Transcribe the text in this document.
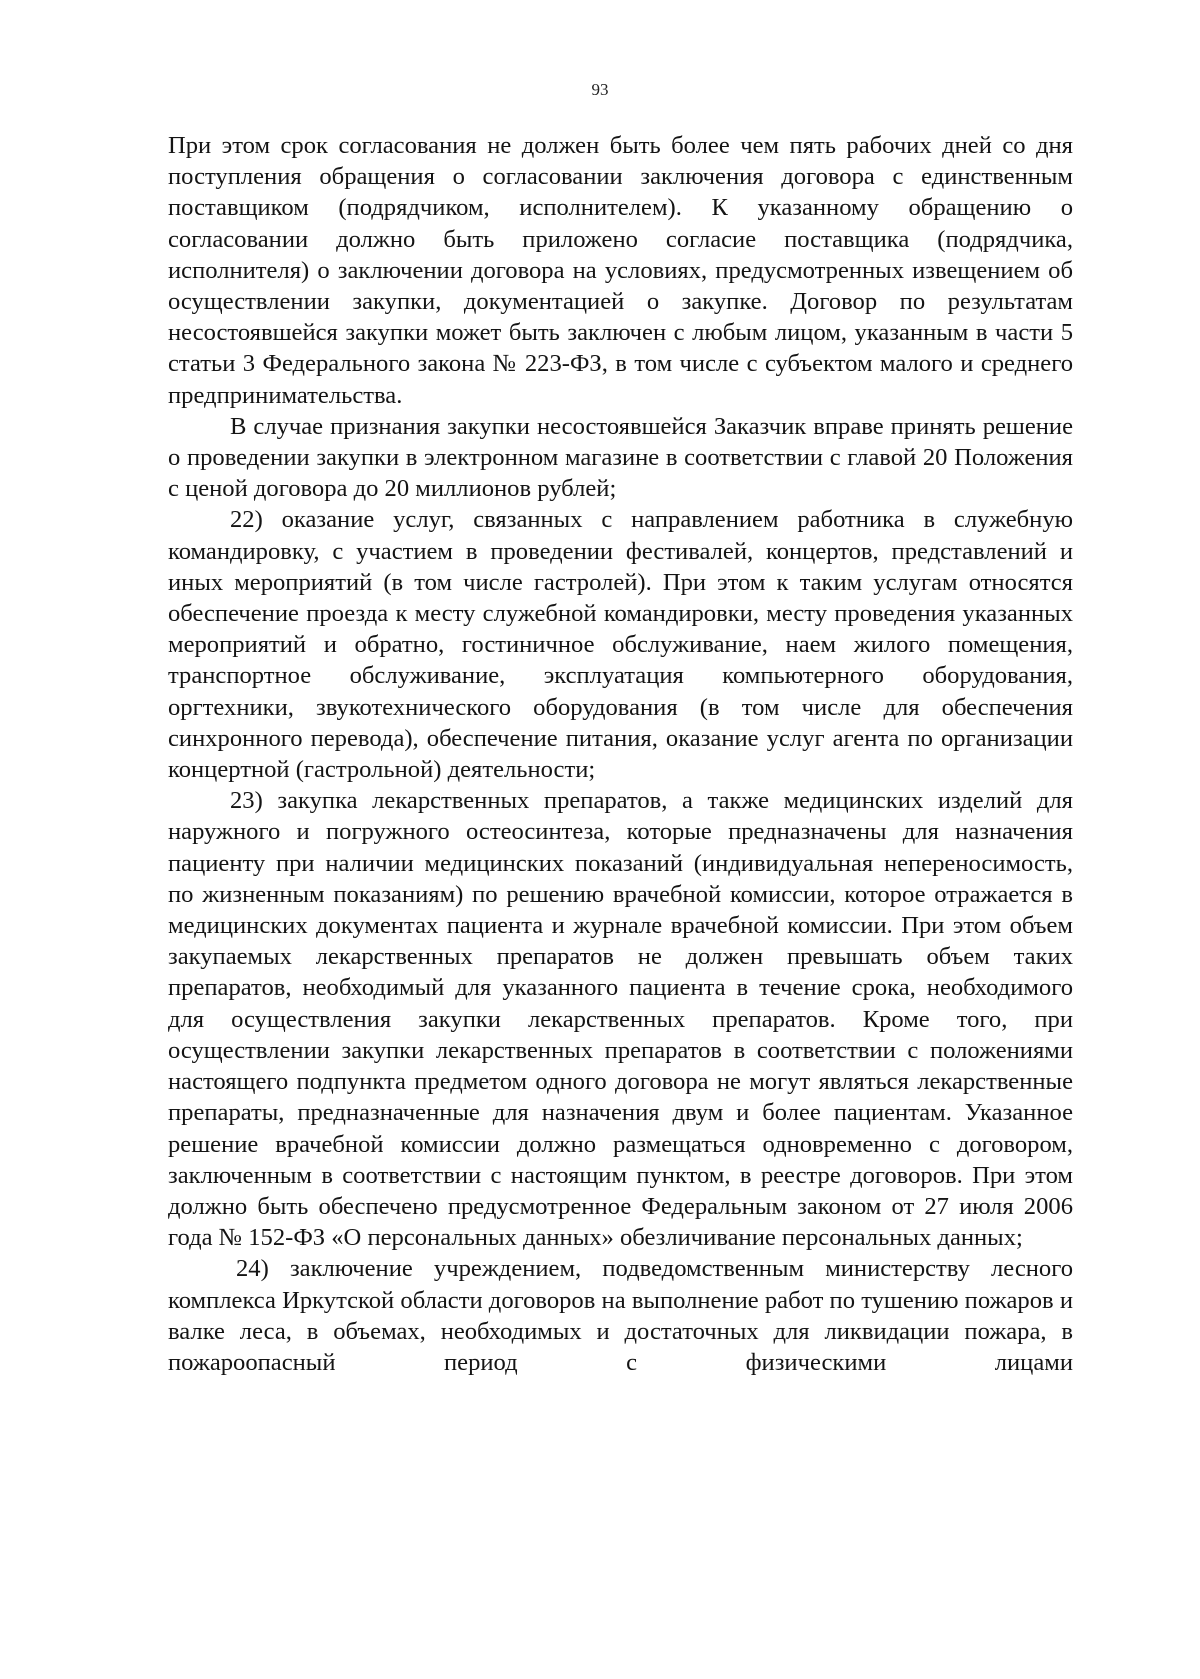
93

При этом срок согласования не должен быть более чем пять рабочих дней со дня поступления обращения о согласовании заключения договора с единственным поставщиком (подрядчиком, исполнителем). К указанному обращению о согласовании должно быть приложено согласие поставщика (подрядчика, исполнителя) о заключении договора на условиях, предусмотренных извещением об осуществлении закупки, документацией о закупке. Договор по результатам несостоявшейся закупки может быть заключен с любым лицом, указанным в части 5 статьи 3 Федерального закона № 223-ФЗ, в том числе с субъектом малого и среднего предпринимательства.

В случае признания закупки несостоявшейся Заказчик вправе принять решение о проведении закупки в электронном магазине в соответствии с главой 20 Положения с ценой договора до 20 миллионов рублей;

22) оказание услуг, связанных с направлением работника в служебную командировку, с участием в проведении фестивалей, концертов, представлений и иных мероприятий (в том числе гастролей). При этом к таким услугам относятся обеспечение проезда к месту служебной командировки, месту проведения указанных мероприятий и обратно, гостиничное обслуживание, наем жилого помещения, транспортное обслуживание, эксплуатация компьютерного оборудования, оргтехники, звукотехнического оборудования (в том числе для обеспечения синхронного перевода), обеспечение питания, оказание услуг агента по организации концертной (гастрольной) деятельности;

23) закупка лекарственных препаратов, а также медицинских изделий для наружного и погружного остеосинтеза, которые предназначены для назначения пациенту при наличии медицинских показаний (индивидуальная непереносимость, по жизненным показаниям) по решению врачебной комиссии, которое отражается в медицинских документах пациента и журнале врачебной комиссии. При этом объем закупаемых лекарственных препаратов не должен превышать объем таких препаратов, необходимый для указанного пациента в течение срока, необходимого для осуществления закупки лекарственных препаратов. Кроме того, при осуществлении закупки лекарственных препаратов в соответствии с положениями настоящего подпункта предметом одного договора не могут являться лекарственные препараты, предназначенные для назначения двум и более пациентам. Указанное решение врачебной комиссии должно размещаться одновременно с договором, заключенным в соответствии с настоящим пунктом, в реестре договоров. При этом должно быть обеспечено предусмотренное Федеральным законом от 27 июля 2006 года № 152-ФЗ «О персональных данных» обезличивание персональных данных;

24) заключение учреждением, подведомственным министерству лесного комплекса Иркутской области договоров на выполнение работ по тушению пожаров и валке леса, в объемах, необходимых и достаточных для ликвидации пожара, в пожароопасный период с физическими лицами
